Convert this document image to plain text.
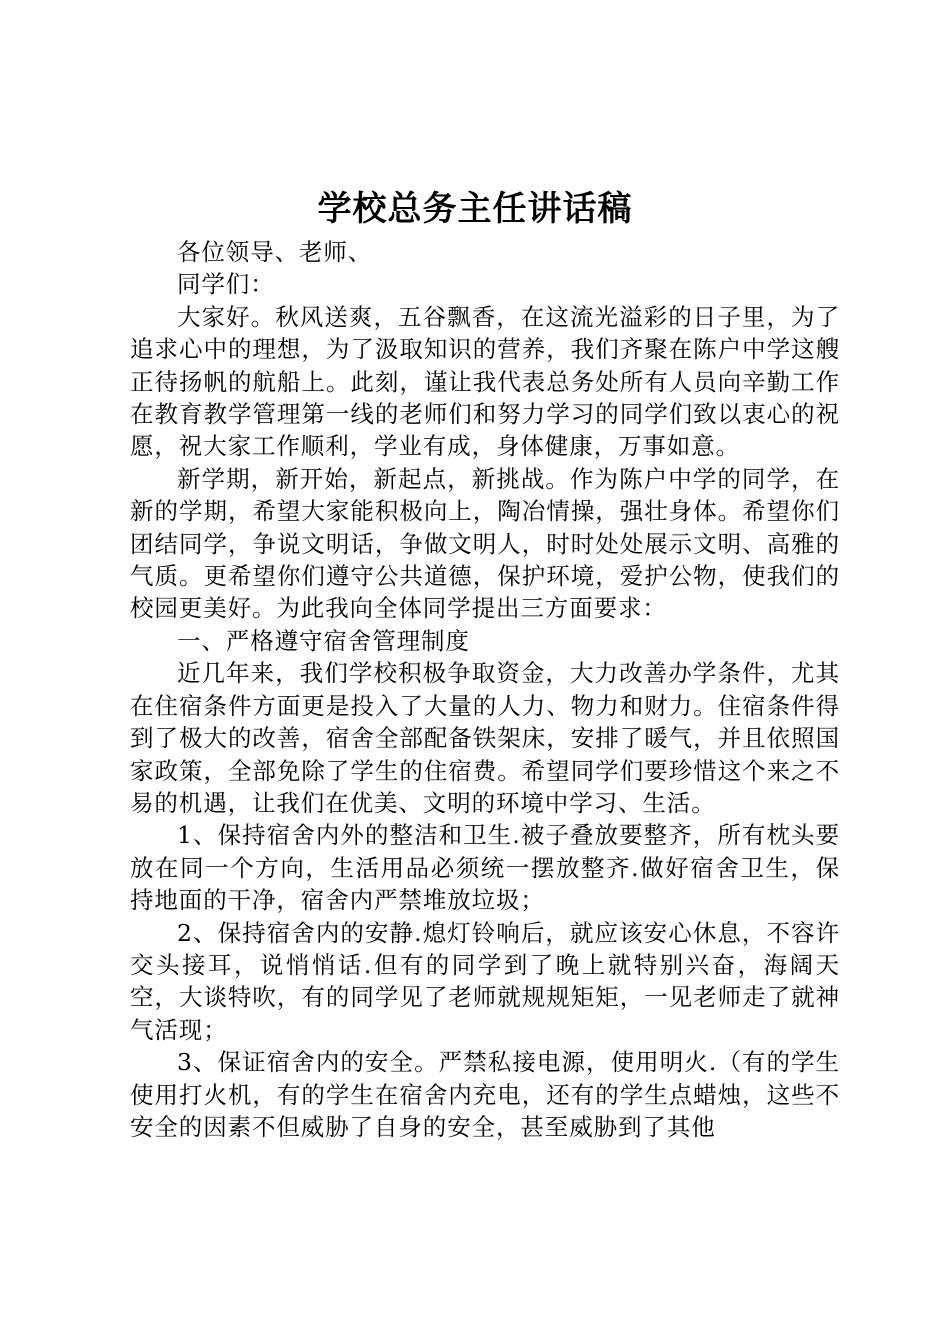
学校总务主任讲话稿

各位领导、老师、

同学们：

大家好。秋风送爽，五谷飘香，在这流光溢彩的日子里，为了追求心中的理想，为了汲取知识的营养，我们齐聚在陈户中学这艘正待扬帆的航船上。此刻，谨让我代表总务处所有人员向辛勤工作在教育教学管理第一线的老师们和努力学习的同学们致以衷心的祝愿，祝大家工作顺利，学业有成，身体健康，万事如意。

新学期，新开始，新起点，新挑战。作为陈户中学的同学，在新的学期，希望大家能积极向上，陶冶情操，强壮身体。希望你们团结同学，争说文明话，争做文明人，时时处处展示文明、高雅的气质。更希望你们遵守公共道德，保护环境，爱护公物，使我们的校园更美好。为此我向全体同学提出三方面要求：

一、严格遵守宿舍管理制度

近几年来，我们学校积极争取资金，大力改善办学条件，尤其在住宿条件方面更是投入了大量的人力、物力和财力。住宿条件得到了极大的改善，宿舍全部配备铁架床，安排了暖气，并且依照国家政策，全部免除了学生的住宿费。希望同学们要珍惜这个来之不易的机遇，让我们在优美、文明的环境中学习、生活。

1、保持宿舍内外的整洁和卫生.被子叠放要整齐，所有枕头要放在同一个方向，生活用品必须统一摆放整齐.做好宿舍卫生，保持地面的干净，宿舍内严禁堆放垃圾；

2、保持宿舍内的安静.熄灯铃响后，就应该安心休息，不容许交头接耳，说悄悄话.但有的同学到了晚上就特别兴奋，海阔天空，大谈特吹，有的同学见了老师就规规矩矩，一见老师走了就神气活现；

3、保证宿舍内的安全。严禁私接电源，使用明火.（有的学生使用打火机，有的学生在宿舍内充电，还有的学生点蜡烛，这些不安全的因素不但威胁了自身的安全，甚至威胁到了其他
